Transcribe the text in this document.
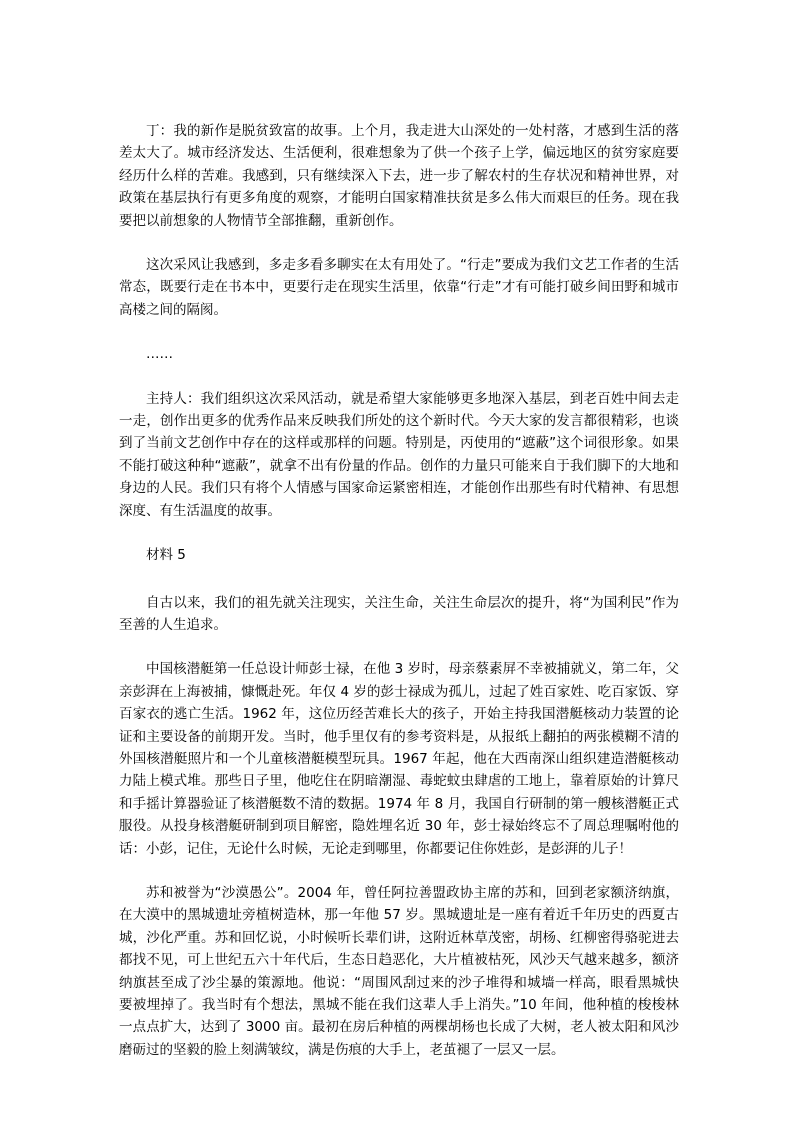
丁：我的新作是脱贫致富的故事。上个月，我走进大山深处的一处村落，才感到生活的落差太大了。城市经济发达、生活便利，很难想象为了供一个孩子上学，偏远地区的贫穷家庭要经历什么样的苦难。我感到，只有继续深入下去，进一步了解农村的生存状况和精神世界，对政策在基层执行有更多角度的观察，才能明白国家精准扶贫是多么伟大而艰巨的任务。现在我要把以前想象的人物情节全部推翻，重新创作。

这次采风让我感到，多走多看多聊实在太有用处了。“行走”要成为我们文艺工作者的生活常态，既要行走在书本中，更要行走在现实生活里，依靠“行走”才有可能打破乡间田野和城市高楼之间的隔阂。

……

主持人：我们组织这次采风活动，就是希望大家能够更多地深入基层，到老百姓中间去走一走，创作出更多的优秀作品来反映我们所处的这个新时代。今天大家的发言都很精彩，也谈到了当前文艺创作中存在的这样或那样的问题。特别是，丙使用的“遮蔽”这个词很形象。如果不能打破这种种“遮蔽”，就拿不出有份量的作品。创作的力量只可能来自于我们脚下的大地和身边的人民。我们只有将个人情感与国家命运紧密相连，才能创作出那些有时代精神、有思想深度、有生活温度的故事。

材料 5

自古以来，我们的祖先就关注现实，关注生命，关注生命层次的提升，将“为国利民”作为至善的人生追求。

中国核潜艇第一任总设计师彭士禄，在他 3 岁时，母亲蔡素屏不幸被捕就义，第二年，父亲彭湃在上海被捕，慷慨赴死。年仅 4 岁的彭士禄成为孤儿，过起了姓百家姓、吃百家饭、穿百家衣的逃亡生活。1962 年，这位历经苦难长大的孩子，开始主持我国潜艇核动力装置的论证和主要设备的前期开发。当时，他手里仅有的参考资料是，从报纸上翻拍的两张模糊不清的外国核潜艇照片和一个儿童核潜艇模型玩具。1967 年起，他在大西南深山组织建造潜艇核动力陆上模式堆。那些日子里，他吃住在阴暗潮湿、毒蛇蚊虫肆虐的工地上，靠着原始的计算尺和手摇计算器验证了核潜艇数不清的数据。1974 年 8 月，我国自行研制的第一艘核潜艇正式服役。从投身核潜艇研制到项目解密，隐姓埋名近 30 年，彭士禄始终忘不了周总理嘱咐他的话：小彭，记住，无论什么时候，无论走到哪里，你都要记住你姓彭，是彭湃的儿子！

苏和被誉为“沙漠愚公”。2004 年，曾任阿拉善盟政协主席的苏和，回到老家额济纳旗，在大漠中的黑城遗址旁植树造林，那一年他 57 岁。黑城遗址是一座有着近千年历史的西夏古城，沙化严重。苏和回忆说，小时候听长辈们讲，这附近林草茂密，胡杨、红柳密得骆驼进去都找不见，可上世纪五六十年代后，生态日趋恶化，大片植被枯死，风沙天气越来越多，额济纳旗甚至成了沙尘暴的策源地。他说：“周围风刮过来的沙子堆得和城墙一样高，眼看黑城快要被埋掉了。我当时有个想法，黑城不能在我们这辈人手上消失。”10 年间，他种植的梭梭林一点点扩大，达到了 3000 亩。最初在房后种植的两棵胡杨也长成了大树，老人被太阳和风沙磨砺过的坚毅的脸上刻满皱纹，满是伤痕的大手上，老茧褪了一层又一层。
